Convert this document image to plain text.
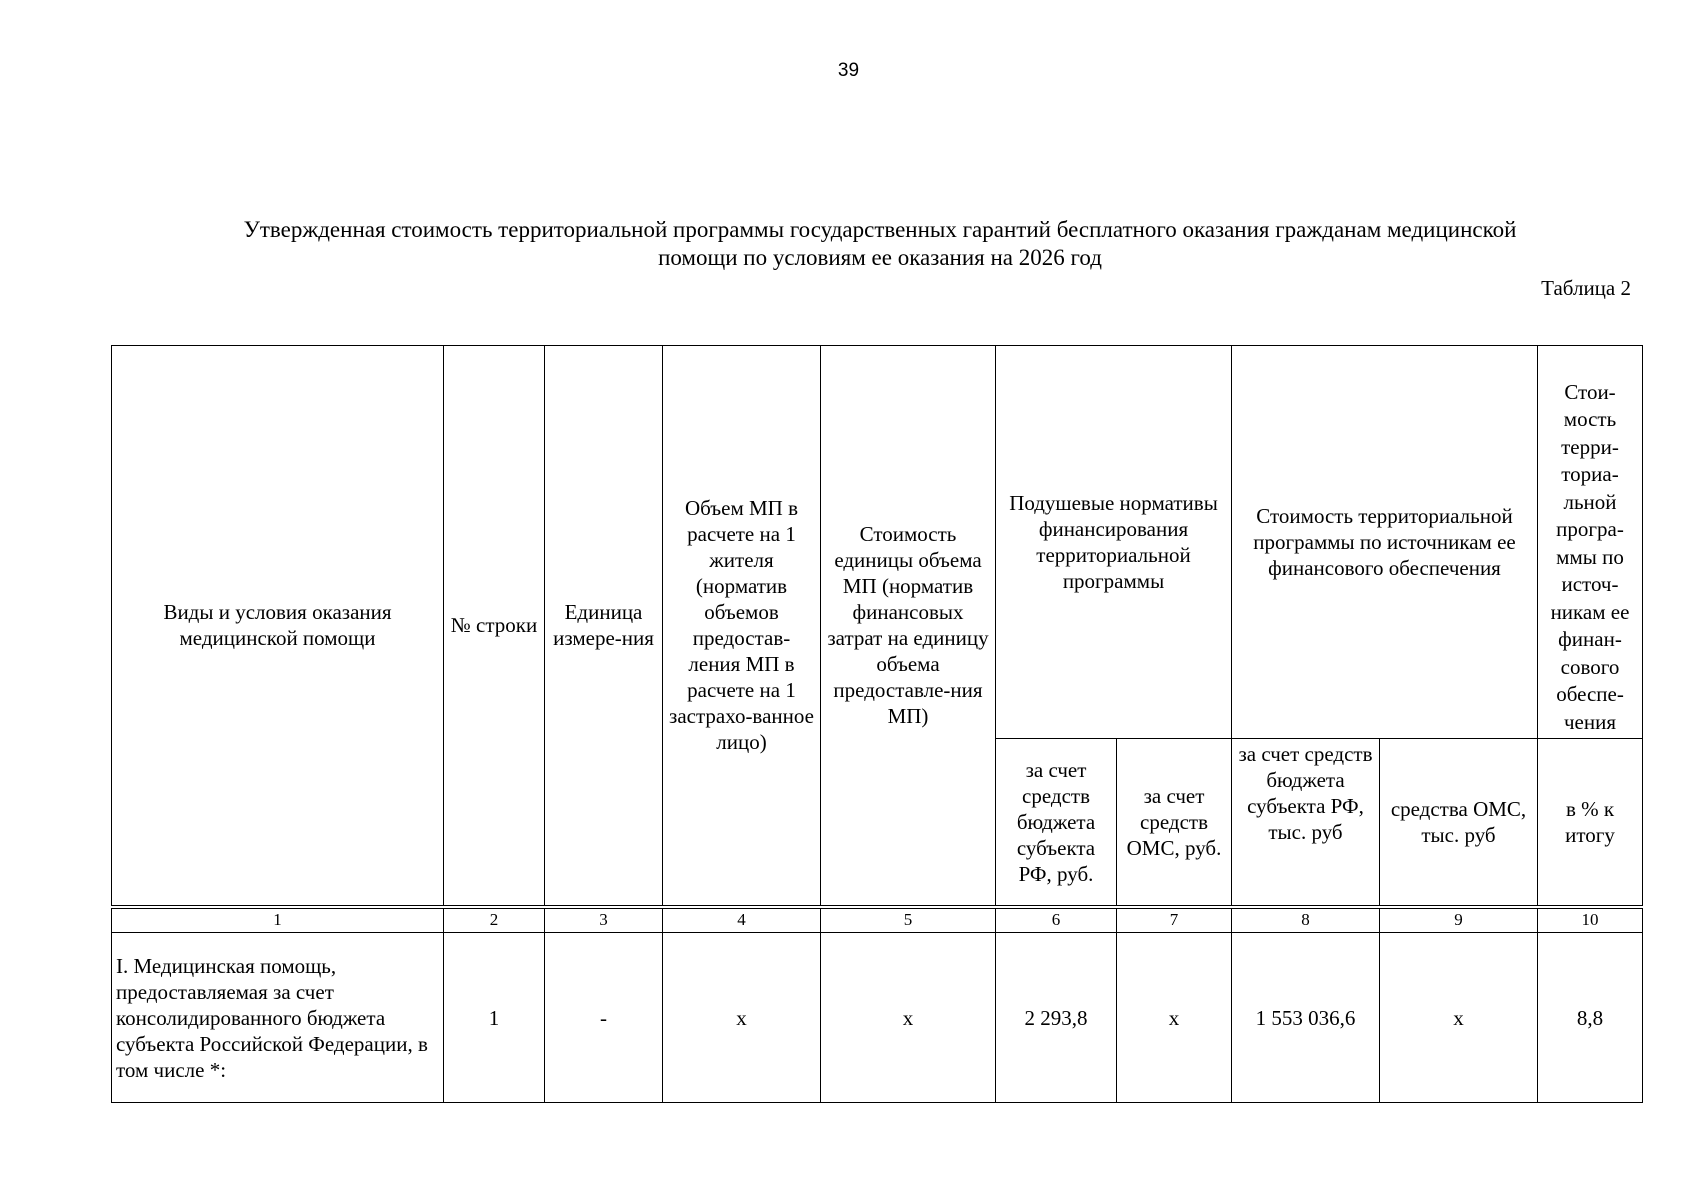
39
Утвержденная стоимость территориальной программы государственных гарантий бесплатного оказания гражданам медицинской
помощи по условиям ее оказания на 2026 год
Таблица 2
Виды и условия оказания медицинской помощи	№ строки	Единица измере-ния	Объем МП в расчете на 1 жителя (норматив объемов предостав-ления МП в расчете на 1 застрахо-ванное лицо)	Стоимость единицы объема МП (норматив финансовых затрат на единицу объема предоставле-ния МП)	Подушевые нормативы финансирования территориальной программы		Стоимость территориальной программы по источникам ее финансового обеспечения		Стои-мость терри-ториа-льной програ-ммы по источ-никам ее финан-сового обеспе-чения
					за счет средств бюджета субъекта РФ, руб.	за счет средств ОМС, руб.	за счет средств бюджета субъекта РФ, тыс. руб	средства ОМС, тыс. руб	в % к итогу
1	2	3	4	5	6	7	8	9	10
I. Медицинская помощь, предоставляемая за счет консолидированного бюджета субъекта Российской Федерации, в том числе *:	1	-	х	х	2 293,8	х	1 553 036,6	х	8,8
